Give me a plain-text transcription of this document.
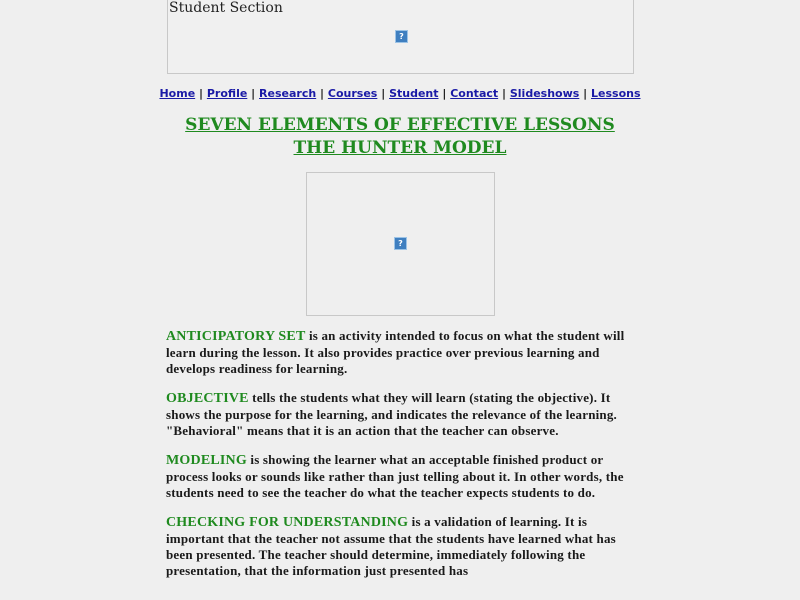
Student Section
?
Home | Profile | Research | Courses | Student | Contact | Slideshows | Lessons
SEVEN ELEMENTS OF EFFECTIVE LESSONS
THE HUNTER MODEL
?

ANTICIPATORY SET is an activity intended to focus on what the student will learn during the lesson. It also provides practice over previous learning and develops readiness for learning.

OBJECTIVE tells the students what they will learn (stating the objective). It shows the purpose for the learning, and indicates the relevance of the learning. "Behavioral" means that it is an action that the teacher can observe.

MODELING is showing the learner what an acceptable finished product or process looks or sounds like rather than just telling about it. In other words, the students need to see the teacher do what the teacher expects students to do.

CHECKING FOR UNDERSTANDING is a validation of learning. It is important that the teacher not assume that the students have learned what has been presented. The teacher should determine, immediately following the presentation, that the information just presented has
